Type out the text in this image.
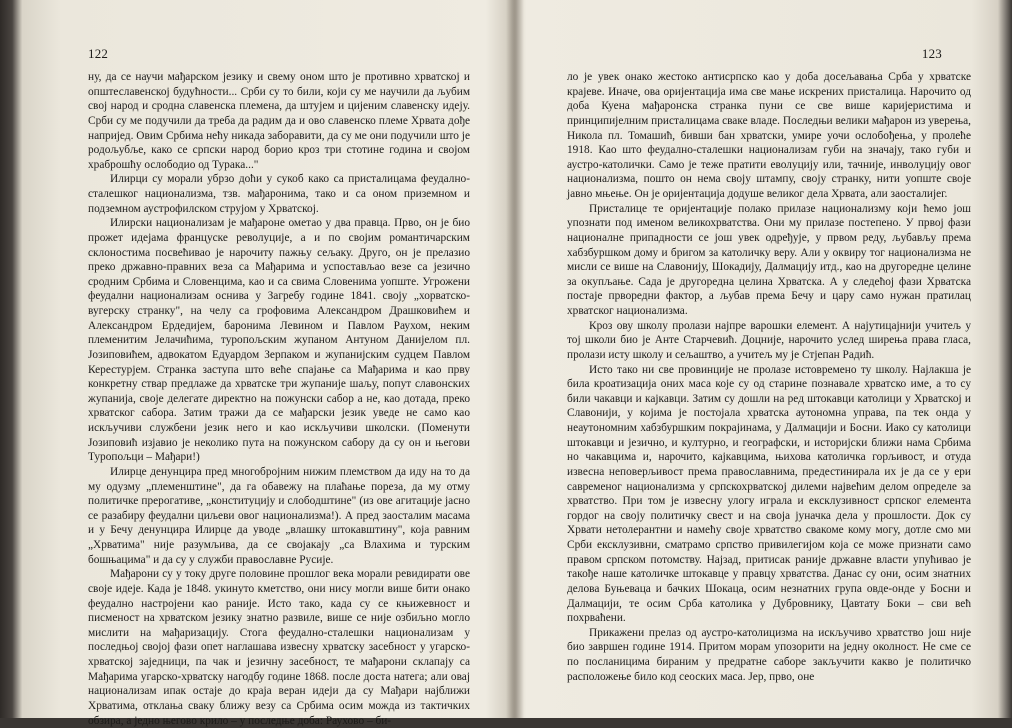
122

ну, да се научи мађарском језику и свему оном што је противно хрватској и општеславенској будућности... Срби су то били, који су ме научили да љубим свој народ и сродна славенска племена, да штујем и цијеним славенску идеју. Срби су ме подучили да треба да радим да и ово славенско племе Хрвата дође напријед. Овим Србима нећу никада заборавити, да су ме они подучили што је родољубље, како се српски народ борио кроз три стотине година и својом храброшћу ослободио од Турака..."

Илирци су морали убрзо доћи у сукоб како са присталицама феудално-сталешког национализма, тзв. мађаронима, тако и са оном приземном и подземном аустрофилском струјом у Хрватској.

Илирски национализам је мађароне ометао у два правца. Прво, он је био прожет идејама француске револуције, а и по својим романтичарским склоностима посвећивао је нарочиту пажњу сељаку. Друго, он је прелазио преко државно-правних веза са Мађарима и успостављао везе са језично сродним Србима и Словенцима, као и са свима Словенима уопште. Угрожени феудални национализам оснива у Загребу године 1841. своју „хорватско-вугерску странку", на челу са грофовима Александром Драшковићем и Александром Ердедијем, баронима Левином и Павлом Раухом, неким племенитим Јелачићима, туропољским жупаном Антуном Данијелом пл. Јозиповићем, адвокатом Едуардом Зерпаком и жупанијским судцем Павлом Керестурјем. Странка заступа што веће спајање са Мађарима и као прву конкретну ствар предлаже да хрватске три жупаније шаљу, попут славонских жупанија, своје делегате директно на пожунски сабор а не, као дотада, преко хрватског сабора. Затим тражи да се мађарски језик уведе не само као искључиви службени језик него и као искључиви школски. (Поменути Јозиповић изјавио је неколико пута на пожунском сабору да су он и његови Туропољци – Мађари!)

Илирце денунцира пред многобројним нижим племством да иду на то да му одузму „племенштине", да га обавежу на плаћање пореза, да му отму политичке прерогативе, „конституцију и слободштине" (из ове агитације јасно се разабиру феудални циљеви овог национализма!). А пред заосталим масама и у Бечу денунцира Илирце да уводе „влашку штокавштину", која равним „Хрватима" није разумљива, да се својакају „са Влахима и турским бошњацима" и да су у служби православне Русије.

Мађарони су у току друге половине прошлог века морали ревидирати ове своје идеје. Када је 1848. укинуто кметство, они нису могли више бити онако феудално настројени као раније. Исто тако, када су се књижевност и писменост на хрватском језику знатно развиле, више се није озбиљно могло мислити на мађаризацију. Стога феудално-сталешки национализам у последњој својој фази опет наглашава извесну хрватску засебност у угарско-хрватској заједници, па чак и језичну засебност, те мађарони склапају са Мађарима угарско-хрватску нагодбу године 1868. после доста натега; али овај национализам ипак остаје до краја веран идеји да су Мађари најближи Хрватима, отклања сваку ближу везу са Србима осим можда из тактичких обзира, а једно његово крило – у последње доба: Раухово – би-

123

ло је увек онако жестоко антисрпско као у доба досељавања Срба у хрватске крајеве. Иначе, ова оријентација има све мање искрених присталица. Нарочито од доба Куена мађаронска странка пуни се све више каријеристима и принципијелним присталицама сваке владе. Последњи велики мађарон из уверења, Никола пл. Томашић, бивши бан хрватски, умире уочи ослобођења, у пролеће 1918. Као што феудално-сталешки национализам губи на значају, тако губи и аустро-католички. Само је теже пратити еволуцију или, тачније, инволуцију овог национализма, пошто он нема своју штампу, своју странку, нити уопште своје јавно мњење. Он је оријентација додуше великог дела Хрвата, али заосталијег.

Присталице те оријентације полако прилазе национализму који ћемо још упознати под именом великохрватства. Они му прилазе постепено. У првој фази националне припадности се још увек одређује, у првом реду, љубављу према хабзбуршком дому и бригом за католичку веру. Али у оквиру тог национализма не мисли се више на Славонију, Шокадију, Далмацију итд., као на другоредне целине за окупљање. Сада је другоредна целина Хрватска. А у следећој фази Хрватска постаје прворедни фактор, а љубав према Бечу и цару само нужан пратилац хрватског национализма.

Кроз ову школу пролази најпре варошки елемент. А најутицајнији учитељ у тој школи био је Анте Старчевић. Доцније, нарочито услед ширења права гласа, пролази исту школу и сељаштво, а учитељ му је Стјепан Радић.

Исто тако ни све провинције не пролазе истовремено ту школу. Најлакша је била кроатизација оних маса које су од старине познавале хрватско име, а то су били чакавци и кајкавци. Затим су дошли на ред штокавци католици у Хрватској и Славонији, у којима је постојала хрватска аутономна управа, па тек онда у неаутономним хабзбуршким покрајинама, у Далмацији и Босни. Иако су католици штокавци и језично, и културно, и географски, и историјски ближи нама Србима но чакавцима и, нарочито, кајкавцима, њихова католичка горљивост, и отуда извесна неповерљивост према православнима, предестинирала их је да се у ери савременог национализма у српскохрватској дилеми највећим делом определе за хрватство. При том је извесну улогу играла и ексклузивност српског елемента гордог на своју политичку свест и на своја јуначка дела у прошлости. Док су Хрвати нетолерантни и намећу своје хрватство свакоме кому могу, дотле смо ми Срби ексклузивни, сматрамо српство привилегијом која се може признати само правом српском потомству. Најзад, притисак раније државне власти упућивао је такође наше католичке штокавце у правцу хрватства. Данас су они, осим знатних делова Буњеваца и бачких Шокаца, осим незнатних група овде-онде у Босни и Далмацији, те осим Срба католика у Дубровнику, Цавтату Боки – сви већ похрваћени.

Прикажени прелаз од аустро-католицизма на искључиво хрватство још није био завршен године 1914. Притом морам упозорити на једну околност. Не сме се по посланицима бираним у предратне саборе закључити какво је политичко расположење било код сеоских маса. Јер, прво, оне
